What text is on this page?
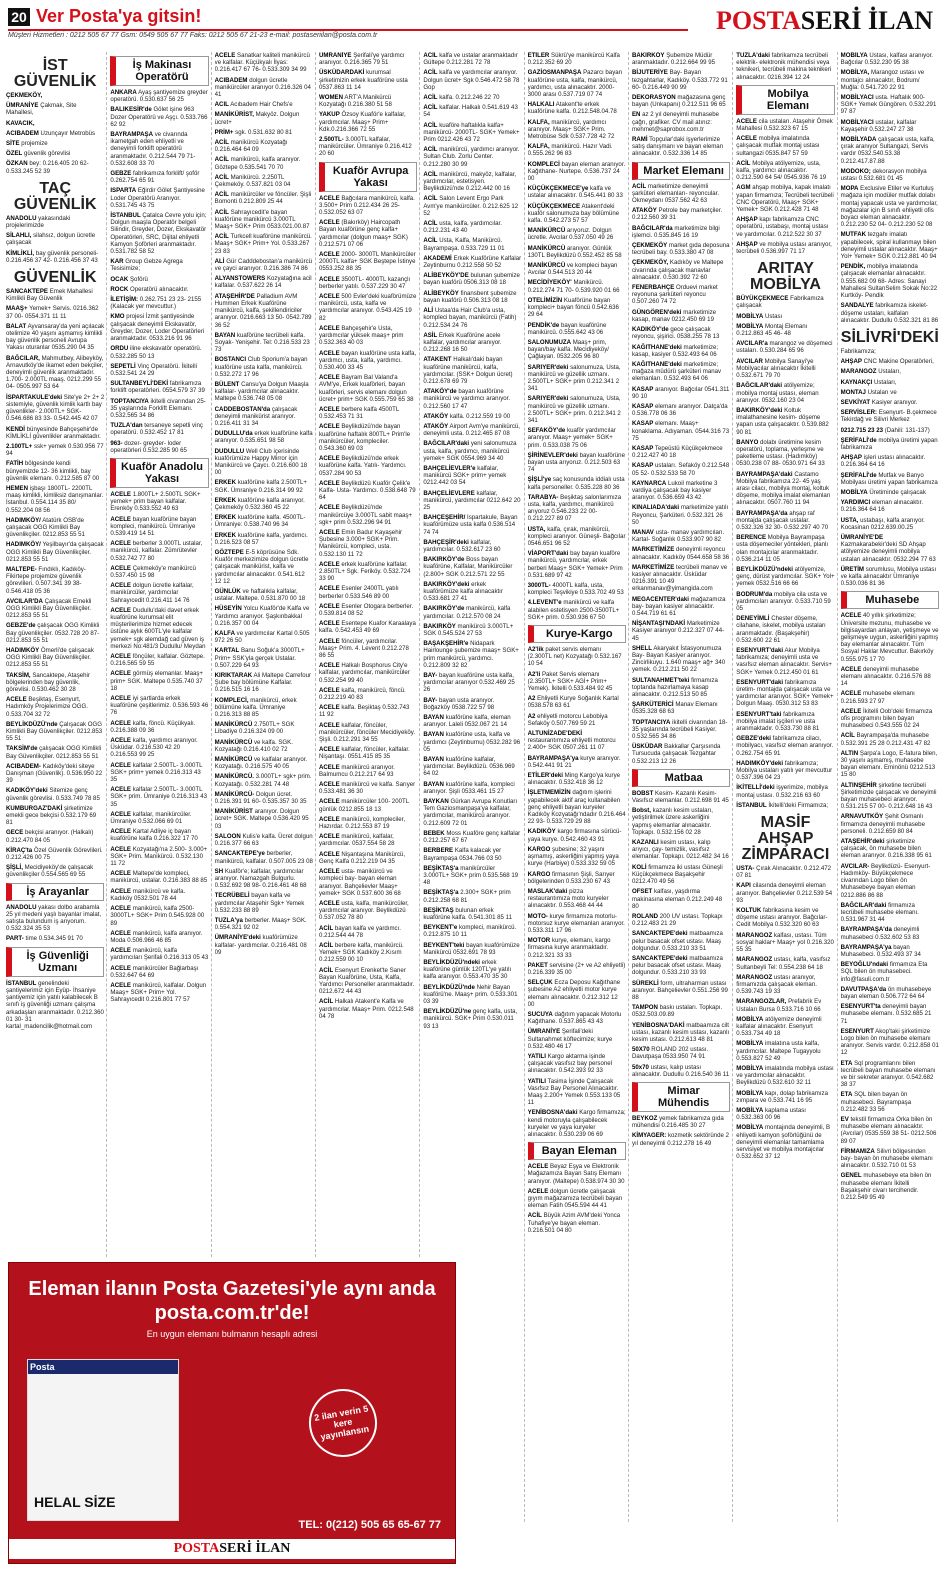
20 Ver Posta'ya gitsin!
Müşteri Hizmetleri : 0212 505 67 77 Gsm: 0549 505 67 77 Faks: 0212 505 67 21-23 e-mail: postaseriilan@posta.com.tr
POSTASERİ İLAN
İST GÜVENLİK
ÇEKMEKÖY,
ÜMRANİYE Çakmak, Site Mahallesi,
KAVACIK,
ACIBADEM Uzunçayır Metrobüs
SİTE projemize
ÖZEL güvenlik görevlisi
ÖZKAN bey: 0.216.405 20 62- 0.533.245 52 39
TAÇ GÜVENLİK
ANADOLU yakasındaki projelerimizde
SİLAHLI, silahsız, dolgun ücretle çalışacak
KİMLİKLİ, bay güvenlik personeli- 0.216.456 37 42- 0.216.456 37 43
GÜVENLİK
SANCAKTEPE Emek Mahallesi Kimlikli Bay Güvenlik
MAAŞ+ Yemek+ Servis. 0216.362 37 00- 0554.371 11 11
BALAT Ayvansaray'da yeni açılacak otelimize 40 yaşını aşmamış kimlikli bay güvenlik personeli Avrupa Yakası oturanlar 0535.290 04 35
BAĞCILAR, Mahmutbey, Alibeyköy, Arnavutköy'de ikamet eden bekçiler, deneyimli güvenlik aranmaktadır. 1.700- 2.000TL maaş. 0212.299 55 04- 0505.997 53 64
İSPARTAKULE'deki Site'ye 2+ 2+ 2 sistemiyle, güvenlik kimlik kartlı bay güvenlikler- 2.000TL+ SGK- 0.546.686 83 33- 0.542.445 42 07
KENDİ bünyesinde Bahçeşehir'de KİMLİKLİ güvenlikler aranmaktadır.
2.100TL+ ssk+ yemek 0.530.956 77 94
FATİH bölgesinde kendi bünyemizde 12- 36 kimlikli, bay güvenlik elemanı. 0.212.585 87 00
HEMEN işbaşı 1800TL- 2200TL maaş kimlikli, kimliksiz danışmanlar. İstanbul. 0.554.114 35 80/ 0.552.204 08 56
HADIMKÖY/ Atatürk OSB'de çalışacak OGG Kimlikli Bay güvenlikçiler. 0212.853 55 51
HADIMKÖY/ Yeşilbayır'da çalışacak OGG Kimlikli Bay Güvenlikçiler. 0212.853 55 51
MALTEPE- Fındıklı, Kadıköy- Fikirtepe projemize güvenlik görevlileri. 0.507.341 39 38- 0.546.418 05 36
AVCILAR'DA Çalışacak Emekli OGG Kimlikli Bay Güvenlikçiler. 0212.853 55 51
GEBZE'de çalışacak OGG Kimlikli Bay güvenlikçiler. 0532.728 20 87- 0212.853 55 51
HADIMKÖY Ömerli'de çalışacak OGG Kimlikli Bay Güvenlikçiler. 0212.853 55 51
TAKSİM, Sancaktepe, Ataşehir bölgelerinden bay güvenlik, görevlisi. 0.530.462 30 28
ACELE Beşiktaş, Esenyurt, Hadımköy Projelerimize OGG. 0.533.704 32 72
BEYLİKDÜZÜ'nde Çalışacak OGG Kimlikli Bay Güvenlikçiler. 0212.853 55 51
TAKSİM'de çalışacak OGG Kimlikli Bay Güvenlikçiler. 0212.853 55 51
ACIBADEM- Kadıköy'deki siteye Danışman (Güvenlik). 0.536.950 22 39
KADIKÖY'deki Sitemize genç güvenlik görevlisi. 0.533.749 78 85
KUMBURGAZ'DAKİ şirketimize emekli gece bekçisi 0.532.179 69 81
GECE bekçisi aranıyor. (Halkalı) 0.212.470 84 05
KİRAÇ'ta Özel Güvenlik Görevlileri. 0.212.426 00 75
ŞİŞLİ, Mecidiyeköy'de çalışacak güvenlikçiler 0.554.565 69 55
İş Arayanlar
ANADOLU yakası dolbo arabamla 25 yıl medeni yaşlı bayanlar imalat, satışta bulundum iş arıyorum. 0.532.324 35 53
PART- time 0.534.345 91 70
İş Güvenliği Uzmanı
İSTANBUL genelindeki şantiyelerimiz için Eyüp- İhsaniye şantiyemiz için yatılı kalabilecek B sınıfı iş güvenliği uzmanı çalışma arkadaşları aranmaktadır. 0.212.360 01 30- 31 kartal_madencilik@hotmail.com
İş Makinası Operatörü
ANKARA Ayaş şantiyemize greyder operatörü. 0.530.637 56 25
BALIKESİR'de Gölet işine 963 Dozer Operatörü ve Aşçı. 0.533.766 62 92
BAYRAMPAŞA ve civarında ikametgah eden ehliyetli ve deneyimli forklift operatörü aranmaktadır. 0.212.544 79 71- 0.532.608 33 70
GEBZE fabrikamıza forklift/ şoför 0.262.754 65 91
ISPARTA Eğirdir Gölet Şantiyesine Loder Operatörü Aranıyor. 0.531.745 43 75
İSTANBUL Çatalca Cevre yolu için; Dolgun maaşla Operatör belgeli Silindir, Greyder, Dozer, Ekskavatör Operatörleri, SRC, Dijital ehliyetli Kamyon Şoförleri aranmaktadır. 0.531.782 58 52
KAR Group Gebze Agrega Tesisimize;
OCAK Şoförü
ROCK Operatörü alınacaktır.
İLETİŞİM: 0.262.751 23 23- 2155 (Kalacak yer mevcuttur.)
KMO projesi İzmit şantiyesinde çalışacak deneyimli Ekskavatör, Greyder, Dozer, Loder Operatörleri aranmaktadır. 0533.216 91 96
ORDU iline ekskavatör operatörü. 0.532.285 50 13
SEPETLİ Vinç Operatörü. İkitelli 0.532.541 24 29
SULTANBEYLİ'DEKİ fabrikamıza forklift operatörleri. 0554.579 37 39
TOPTANCIYA ikitelli civarından 25- 35 yaşlarında Forklift Elemanı. 0.532.565 34 86
TUZLA'dan tersaneye sepetli vinç operatörü. 0.532.452 17 81
963- dozer- greyder- loder operatörleri 0.532.285 90 65
Kuaför Anadolu Yakası
ACELE 1.800TL+ 2.500TL SGK+ yemek+ prim bayan kalfalar. Erenköy 0.533.552 49 63
ACELE bayan kuaförüne bayan kompleci, manikürcü. Ümraniye 0.539.419 14 51
ACELE berberler 3.000TL ustalar, manikürcü, kalfalar. Zümrütevler 0.532.742 77 80
ACELE Çekmeköy'e manikürcü 0.537.450 15 98
ACELE dolgun ücretle kalfalar, manikürcüler, yardımcılar Sahrayıcedit 0.216.411 14 76
ACELE Dudullu'daki davet erkek kuaförüne kurumsal elit müşterilerimize hizmet edecek üstüne aylık 600TL'yle kalfalar yemek+ sgk alemdağ cad güven iş merkezi No:481/3 Dudullu/ Meydan
ACELE fönçüler, kalfalar. Göztepe. 0.216.565 59 55
ACELE görmüş elemanlar. Maaş+ prim+ SGK. Maltepe 0.535.740 37 18
ACELE iyi şartlarda erkek kuaförüne çeşitlerimiz. 0.536.593 46 76
ACELE kalfa, föncü. Küçükyalı. 0.216.388 09 36
ACELE kalfa, yardımcı aranıyor. Üsküdar. 0.216.530 42 20 0.216.553 99 25
ACELE kalfalar 2.500TL- 3.000TL SGK+ prim+ yemek 0.216.313 43 35
ACELE kalfalar 2.500TL- 3.000TL SGK+ prim. Ümraniye 0.216.313 43 35
ACELE kalfalar, manikürcüler. Ümraniye 0.532.066 69 01
ACELE Kartal Adliye iç bayan kuaförüne kalfa 0.216.322 17 70
ACELE Kozyatağı'na 2.500- 3.000+ SGK+ Prim. Manikürcü. 0.532.130 11 72
ACELE Maltepe'de kompleci, manikürcü, ustalar. 0.216.383 88 85
ACELE manikürcü ve kalfa. Kadıköy 0532.501 78 44
ACELE manikürcü, kalfa 2500- 3000TL+ SGK+ Prim 0.545.928 00 89
ACELE manikürcü, kalfa aranıyor. Moda 0.506.966 46 85
ACELE manikürcü, kalfa yardımcıları Şerifali 0.216.313 05 43
ACELE manikürcüler Bağlarbaşı 0.532.647 64 69
ACELE manikürcü, kalfalar. Dolgun Maaş+ SGK+ Prim+ Yol. Sahrayıcedit 0.216.801 77 57
ACELE Sanatkar kaliteli manikürcü ve kalfalar. Küçükyalı İlyas: 0.216.417 67 76- 0.533.309 34 99
ACIBADEM dolgun ücretle manikürcüler aranıyor 0.216.326 04 41
ACIL Acıbadem Hair Chefs'e
MANİKÜRİST, Makyöz. Dolgun ücret+
PRİM+ sgk. 0.531.632 80 81
ACİL manikürcü Kozyatağı 0.216.464 64 09
ACİL manikürcü, kalfa aranıyor. Göztepe 0.535.541 70 70
ACİL Manikürcü. 2.250TL Çekmeköy. 0.537.821 03 04
ACİL manikürcüler ve föncüler. Şişli Bomonti 0.212.809 25 44
ACİL Sahrayıcedit'e bayan kuaförüne manikürcü 3.000TL Maaş+ SGK+ Prim 0533.021.00.87
ACİL Turkcell kuaförüne manikürcü. Maaş+ SGK+ Prim+ Yol. 0.533.267 23 83
ALİ Gür Cadddebostan'a manikürcü ve çayci aranıyor. 0.216.386 74 86
ALYANSTOWERS Kozyatağına acil kalfalar. 0.537.622 26 14
ATAŞEHİR'DE Palladium AVM Hummen Erkek Kuaförüne manikürcü, kalfa, şekillendiriciler aranıyor. 0216.663 13 50- 0542.789 36 52
BAYAN kuaförüne tecrübeli kalfa. Soyak- Yenişehir. Tel: 0.216.533 23 73
BOSTANCI Club Sporium'a bayan kuaförüne usta kalfa, manikürcü. 0.532.272 17 96
BÜLENT Cansu'ya Dolgun Maaşla kalfalar- yardımcılar alınacaktır. Maltepe 0.536.748 05 08
CADDEBOSTAN'da çalışacak deneyimli manikürist aranıyor. 0.216.411 31 34
DUDULLU'da erkek kuaförüne kalfa aranıyor. 0.535.651 98 58
DUDULLU Well Club içerisinde kuaförümüze Happy Mirror için Manikürcü ve Çaycı. 0.216.600 18 00
ERKEK kuaförüne kalfa 2.500TL+ SGK. Ümraniye 0.216.314 99 92
ERKEK kuaförüne kalfa aranıyor. Çekmeköy 0.532.360 45 22
ERKEK kuaförüne kalfa. 4500TL- Ümraniye: 0.538.740 96 34
ERKEK kuaförüne kalfa, yardımcı. 0.216.523 08 57
GÖZTEPE E-5 köprüsüne Sdk. Kuaför merkezimize dolgun ücretle çalışacak manikürist, kalfa ve yardımcılar alınacaktır. 0.541.612 12 12
GÜNLÜK ve haftalıkla kalfalar, ustalar. Maltepe. 0.531.870 00 18
HÜSEYİN Yolcu Kuaför'de Kalfa ve Yardımcı aranıyor. Şaşkınbakkal 0.216.357 00 04
KALFA ve yardımcılar Kartal 0.505 972 26 50
KARTAL Banu Soğuk'a 3000TL+ Prim+ SSK'yla gerçek Ustalar. 0.507.229 64 93
KIRIKTARAK Ali Maltepe Carrefour Şube bay bölümüne Kalfalar. 0.216.515 16 16
KOMPLECİ, manikürcü, erkek bölümüne kalfa. Ümraniye 0.216.313 88 85
MANİKÜRCÜ 2.750TL+ SGK Libadiye 0.216.324 09 00
MANİKÜRCÜ ve kalfa. SGK. Kozyatağı 0.216.410 02 72
MANİKÜRCÜ ve kalfalar aranıyor. Kozyatağı. 0.216.575 40 05
MANİKÜRCÜ. 3.000TL+ sgk+ prim. Kozyatağı. 0.532.281 74 48
MANİKÜRCÜ- Dolgun ücret. 0.216.391 91 60- 0.535.357 30 35
MANİKÜRİST aranıyor. Dolgun ücret+ SGK. Maltepe 0.536.420 95 03
SALOON Kulis'e kalfa. Ücret dolgun 0.216.377 66 63
SANCAKTEPE'ye berberler, manikürcü, kalfalar. 0.507.005 23 08
SH Kuaför'e; kalfalar, yardımcılar aranıyor. Namazgah Bulgurlu. 0.532.692 98 98- 0.216.461 48 68
TECRÜBELİ bayan kalfa ve yardımcılar Ataşehir Sgk+ Yemek 0.532.233 88 89
TUZLA'ya berberler. Maaş+ SGK. 0.554.321 92 02
ÜMRANİYE'deki kuaförümüze kalfalar- yardımcılar. 0.216.481 08 09
ÜMRANİYE Şerifali'ye yardımcı aranıyor. 0.216.365 79 51
ÜSKÜDARDAKİ kurumsal şirketimizin erkek kuaförüne usta 0537.863 11 14
WOMEN ART'A Manikürcü Kozyatağı 0.216.380 51 58
YAKUP Özsoy Kuaför'e kalfalar, yardımcılar. Maaş+ Prim+ Kdk.0.216.366 72 55
2.500TL- 3.000TL kalfalar, manikürcüler. Ümraniye 0.216.412 20 60
Kuaför Avrupa Yakası
ACELE Bağcılara manikürcü, kalfa. 3.500+ Prim 0.212.434 26 25- 0.532.052 63 07
ACELE (Bakırköy) Haircopath Bayan kuaförüne genç kalfa+ yardımcılar (dolgun maaş+ SGK) 0.212.571 07 06
ACELE 2000- 3000TL Manikürcüler 2000TL kalfa+ SGK Beştepe İstinye 0553.252 88 35
ACELE 3500TL- 4000TL kazançlı berberler yatılı. 0.537.229 30 47
ACELE 500 Evler'deki kuaförümüze manikürcü, usta, kalfa ve yardımcılar aranıyor. 0.543.425 19 82
ACELE Bahçeşehir'e Usta, yardımcılar yüksek maaş+ prim 0.532.363 40 03
ACELE bayan kuaförüne usta kalfa, yardımcı, usta, kalfa, yardımcı. 0.530.400 33 45
ACELE Bayram Bal Valand'a AVM'ye, Erkek kuaförleri, bayan kuaförleri, servis elemanı dolgun ücret+ prim+ SGK 0.555.759 65 38
ACELE berbere kalfa 4500TL 0.532.453 71 31
ACELE Beylikdüzü'nde bayan kuaförüne haftalık 800TL+ Prim'le manikürcüler, kompleciler. 0.543.360 69 03
ACELE Beylikdüzü'nde erkek kuaförüne kalfa. Yatılı- Yardımcı. 0537.284 90 53
ACELE Beylikdüzü Kuaför Çelik'e Kalfa- Usta- Yardımcı. 0.538.648 79 64
ACELE Beylikdüzü'nde manikürcüye 3.000TL sabit maaş+ sgk+ prim 0.532.296 94 91
ACELE Emin Badur Kayaşehir Şubesine 3.000+ SGK+ Prim. Manikürcü, kompleci, usta. 0.532.130 11 72
ACELE erkek kuaförüne kalfalar. 2.850TL+ Sgk. Feriköy. 0.532.724 33 90
ACELE Esenler 2400TL yatılı berberler 0.533.546 89 00
ACELE Esenler Otogara berberler. 0.539.814 08 52
ACELE Esentepe Kuafor Karaalaya kalfa. 0.542.453 49 69
ACELE föncüler, yardımcılar. Maaş+ Prim. 4. Levent 0.212.278 86 55
ACELE Halkalı Bosphorus City'e kalfalar, yardımcılar, manikürcüler 0.532.254 99 40
ACELE kalfa, manikürcü, föncü. 0.212.219 40 83
ACELE kalfa. Beşiktaş 0.532.743 11 92
ACELE kalfalar, föncüler, manikürcüler, föncüler Mecidiyeköy. Şişli. 0.212.291 34 55
ACELE kalfalar, föncüler, kalfalar. Nişantaşı. 0551.415 85 35
ACELE manikürcü aranıyor. Balmumcu 0.212.217 64 93
ACELE manikürcü ve kalfa. Sarıyer 0.533.481 36 30
ACELE manikürcüler 100- 200TL günlük 0212.855 18 13
ACELE manikürcü, kompleciler, Hazırdar. 0.212.553 87 19
ACELE manikürcü, kalfalar, yardımcılar. 0537.554 58 28
ACELE Nişantaşına Manikürcü, Genç Kalfa 0.212.219 04 35
ACELE usta- manikürcü ve kompleci bay- bayan eleman aranıyor. Bahçelievler Maaş+ yemek+ SGK 0.537.600 36 68
ACELE usta, kalfa, manikürcüler, yardımcılar aranıyor. Beylikdüzü 0.537.052 78 80
ACİL bayan kalfa ve yardımcı. 0.212.544 44 78
ACİL berbere kalfa, manikürcü. Yemek+ SGK Kadıköy 2.Kısım 0.212.559 00 10
ACİL Esenyurt Erenket'te Saner Bayan Kuaförüne, Usta, Kalfa, Yardımcı Personeller aranmaktadır. 0212.672 44 43
ACİL Halkalı Atakent'e Kalfa ve yardımcılar. Maaş+ Prim. 0212.548 04 78
ACİL kalfa ve ustalar aranmaktadır Gültepe 0.212.281 72 78
ACİL kalfa ve yardımcılar aranıyor. Dolgun ücret+ Sgk 0.546.472 58 78 Gop
ACİL kalfa. 0.212.246 22 70
ACİL kalfalar. Halkalı 0.541.619 43 54
ACİL kuaföre haftalıkla kalfa+ manikürcü- 2000TL- SGK+ Yemek+ Prim 0212.426 43 72
ACİL manikürcü, yardımcı aranıyor. Sultan Club. Zorlu Center. 0.212.280 30 99
ACİL manikürcü, makyöz, kalfalar, yardımcılar, estetisyen. Beylikdüzü'nde 0.212.442 00 16
ACİL Salon Levent Ergo Park Avm'ye manikürcüler. 0.212.625 12 52
ACİL usta, kalfa, yardımcılar. 0.212.231 43 40
ACİL Usta, Kalfa, Manikürcü. Bayrampaşa. 0.533.729 11 01
AKADEMİ Erkek Kuaförüne Kalfalar Zeytinburnu 0.212.558 50 52
ALİBEYKÖY'DE bulunan şubemize bayan kuaförü 0506.313 08 18
ALİBEYKÖY finansbent şubemize bayan kuaförü 0.506.313 08 18
ALİ Ustaa'da Hair Club'a usta, kompleci bayan, manikürcü (Fatih) 0.212.534 24 76
ASİL Erkek Kuaförüne acele kalfalar, yardımcılar aranıyor. 0.212.268 16 50
ATAKENT Halkalı'daki bayan kuaförüne manikürcü, kalfa, yardımcılar. (SSK+ Dolgun ücret) 0.212.678 69 79
ATAKÖY'de bayan kuaförüne manikürcü ve yardımcı aranıyor. 0.212.560 17 47
ATAKÖY kalfa. 0.212.559 19 00
ATAKÖY Airport Avm'ye manikürcü, deneyimli usta. 0.212.465 87 08
BAĞCILAR'daki yeni salonumuza usta, kalfa, yardımcı, manikürcü yemek+ SGK 0554.969 34 40
BAHÇELİEVLER'e kalfalar, manikürcü SGK+ prim+ yemek 0212.442 03 54
BAHÇELİEVLERE kalfalar, manikürcü, yardımcılar 0212.642 20 25
BAHÇEŞEHİR/ Ispartakule, Bayan kuaförümüze usta kalfa 0.536.514 74 74
BAHÇEŞİR'deki kalfalar, yardımcılar. 0.532.617 23 60
BAKIRKÖY'de Boss bayan kuaförüne, Kalfalar, Manikürcüler (2.800+ SGK 0.212.571 22 55
BAKIRKÖY'deki erkek kuaförümüze kalfa alınacaktır 0.533.681 27 41
BAKIRKÖY'de manikürcü, kalfa yardımcılar. 0.212.570 08 24
BAKIRKÖY manikürcü 3.000TL+ SGK 0.545.524 27 53
BAŞAKŞEHİR'e Nidapark Hairlounge şubemize maaş+ SGK+ prim manikürcü, yardımcı. 0.212.809 32 82
BAY- bayan kuaförüne usta kalfa, yardımcılar aranıyor 0.532.469 25 26
BAY- bayan usta aranıyor. Boğazköy 0538.722 57 98
BAYAN kuaförüne kalfa, eleman aranıyor. Laleli 0532.067 21 14
BAYAN kuaförüne usta, kalfa ve yardımcı (Zeytinburnu) 0532.282 96 05
BAYAN kuaförüne kalfalar, yardımcılar. Beylikdüzü. 0536.969 64 02
BAYAN kuaförüne kalfa, kompleci aranıyor. Şişli 0533.461 15 27
BAYKAN Gürkan Avrupa Konutları Tem Gaziosmanpaşa'ya kalfalar, yardımcılar, manikürcü aranıyor. 0.212.609 72 01
BEBEK Moss Kuaföre genç kalfalar 0.212.257 67 67
BERBERE Kalfa kalacak yer Bayrampaşa 0534.766 03 50
BEŞİKTAŞ'a manikürcüler 3.000TL+ SGK+ prim 0.535.568 19 48
BEŞİKTAŞ'a 2.300+ SGK+ prim 0.212.258 68 81
BEŞİKTAŞ bulunan erkek kuaförüne kalfa. 0.541.301 85 11
BEYKENT'e kompleci, manikürcü. 0.212.875 10 11
BEYKENT'teki bayan kuaförümüze Manikürcü 0532.691 78 93
BEYLİKDÜZÜ'ndeki erkek kuaförüne günlük 120TL'ye yatılı kalfa aranıyor. 0.553.470 35 30
BEYLİKDÜZÜ'nde Nehir Bayan kuaförü'ne. Maaş+ prim. 0.533.301 03 39
BEYLİKDÜZÜ'ne genç kalfa, usta, manikürcü. SGK+ Prim 0.530.011 93 13
ETİLER Sükrü'ye manikürcü Kalfa 0.212.352 69 20
GAZİOSMANPAŞA Pazarcı bayan kuaförüne usta, kalfa, manikürcü, yardımcı, usta alınacaktır. 2000- 3000 arası 0.537.719 07 74
HALKALI Atakent'te erkek kuaförüne kalfa. 0.212.548.04.78
KALFA, manikürcü, yardımcı aranıyor. Maaş+ SGK+ Prim. Metrobüse Sdk 0.537.728 42 72
KALFA, manikürcü. Hazır Vadi. 0.555.262 96 83
KOMPLECİ bayan eleman aranıyor. Kağıthane- Nurtepe. 0.536.737 24 00
KÜÇÜKÇEKMECE'ye kalfa ve ustalar alınacaktır. 0.545.441 80 33
KÜÇÜKÇEKMECE Atakent'deki kuaför salonumuza bay bölümüne kalfa. 0.542.273 57 57
MANİKÜRCÜ arıyoruz. Dolgun ücretle. Avcılar 0.537.050 49 26
MANİKÜRCÜ aranıyor. Günlük 130TL Beylikdüzü 0.552.452 85 58
MANİKÜRCÜ ve kompleci bayan Avcılar 0.544.513 20 44
MECİDİYEKÖY' Manikürcü. 0.212.274 71 70- 0.539.920 01 66
OTELİMİZİN Kuaförüne bayan kompleci+ bayan föncü 0.542.636 29 64
PENDİK'de bayan kuaförüne manikürcü. 0.555.642 43 06
SALONUMUZA Maaş+ prim, bayan/bay kalfa. Mecidiyeköy/ Çağlayan. 0532.205 96 80
SARIYER'deki salonumuza, Usta, manikürcü ve güzellik uzmanı. 2.500TL+ SGK+ prim 0.212.341 2 341
SARIYER'deki salonumuza, Usta, manikürcü ve güzellik uzmanı. 2.500TL+ SGK+ prim. 0.212.341 2 341
SEFAKÖY'de kuaför yardımcılar aranıyor. Maaş+ yemek+ SGK+ prim. 0.533.038 75 06
ŞİRİNEVLER'deki bayan kuaförüne bayan usta arıyoruz. 0.212.503 63 74
ŞİŞLİ'ye saç konusunda iddialı usta kalfa personeller. 0.535.228 80 36
TARABYA- Beşiktaş salonlarımıza usta, kalfa, yardımcı, manikürcü arıyoruz 0.546.233 22 00- 0.212.227 89 07
USTA, kalfa, çırak, manikürcü, kompleci aranıyor. Güneşli- Bağcılar 0546.651 96 52
VİAPORT'daki bay bayan kuaföre manikürcü, yardımcılar, erkek berberi Maaş+ SGK+ Yemek+ Prim 0.531.689 97 42
3000TL- 4000TL kalfa, usta, kompleci Teşvikiye 0.533.702 49 53
4.LEVENT'e manikürcü ve kalfa alabilen estetisyen 2500-3500TL+ SGK+ prim. 0.530.936 67 50
Kurye-Kargo
A2'lik paket servis elemanı (2.300TL net) Kozyatağı 0.532.167 10 54
A2'li Paket Servis elemanı (2.350TL+ SGK+ AGİ+ Prim+ Yemek). İkitelli 0.533.484 92 45
A2 Ehliyetli Kurye Soğanlık Kartal 0538.578 63 61
A2 ehliyetli motorcu Lebobiya Sefaköy 0.507.769 59 21
ALTUNİZADE'DEKİ restaurantımıza ehliyetli motorcu 2.400+ SGK 0507.261 11 07
BAYRAMPAŞA'ya kurye aranıyor. 0.542.441 91 21
ETİLER'deki Ming Kargo'ya kurye alınacaktır. 0.532.418 36 12
İŞLETMEMİZİN dağıtım işlerini yapabilecek aktif araç kullanabilen genç ehliyetli bayan kuryeler Kadıköy Kozyatağı'ndadır 0.216.464 22 93- 0.533.729 29 88
KADIKÖY kargo firmasına sürücü- yaya kurye. 0.542.460 43 91
KARGO şubesine; 32 yaşını aşmamış, askerliğini yapmış yaya kurye (Harbiye) 0.533.332 59 05
KARGO firmasının Şişli, Sarıyer bölgelerinden 0.533.230 67 43
MASLAK'daki pizza restaurantımıza moto kuryeler alınacaktır. 0.553.468 44 44
MOTO- kurye firmamıza motorlu- motorsuz kurye elemanları aranıyor. 0.533.311 17 96
MOTOR kurye, elemanı, kargo firmasına kurye aranmaktadır. 0.212.321 33 33
PAKET servisine (2+ ve A2 ehliyetli) 0.216.339 35 00
SELÇUK Ecza Deposu Kağıthane şubesine A2 ehliyetli motor kurye elemanı alınacaktır. 0.212.312 12 00
SUCUYA dağıtım yapacak Motorlu Kağıthane. 0.537.865 43 43
ÜMRANİYE Şerifali'deki Sultanahmet köftecimize; kurye 0.532.480 46 17
YATILI Kargo aktarma işinde çalışacak vasıfsız bay personel alınacaktır. 0.542.393 92 33
YATILI Tasima İşinde Çalışacak Vasıfsız Bay Personel Alınacaktır. Maaş 2.200+ Yemek 0.553.133 05 11
YENİBOSNA'daki Kargo firmamıza; kendi motoruyla çalışabilecek kuryeler ve yaya kuryeler alınacaktır. 0.530.239 06 69
Bayan Eleman
ACELE Beyaz Eşya ve Elektronik Mağazamıza Bayan Satış Elemanı aranıyor. (Maltepe) 0.538.974 30 30
ACELE dolgun ücretle çalışacak gıyım mağazamıza tecrübeli bayan eleman Fatih 0545.594 44 41
ACİL Büyük Azim AVM'deki Yonca Tuhafiye'ye bayan eleman. 0.216.501 04 80
BAKIRKÖY Şubemize Müdür aranmaktadır. 0.212.664 99 95
BİJUTERİYE Bay- Bayan tezgahtarlar, Kadıköy. 0.533.772 91 60- 0.216.449 90 99
DEKORASYON mağazasına genç bayan (Unkapanı) 0.212.511 96 65
EN az 2 yıl deneyimli muhasebe çağrı, grafiker. CV mail atınız: mehmet@saprobox.com.tr
RAMİ Topçular'daki işyerlerimize satış danışmanı ve bayan eleman alınacaktır. 0.532.336 14 85
Market Elemanı
ACİL marketimize deneyimli şarküteri elemanları- reyoncular. Okmeydanı 0537.562 42 63
ATAKÖY Petrole bay marketçiler. 0.212.560 39 31
BAĞCILAR'da marketimize bilgi işlemci. 0.535.845 16 19
ÇEKMEKÖY market gıda deposuna tecrübeli bay. 0.533.380 47 08
ÇEKMEKÖY, Kadıköy ve Maltepe civarında çalışacak manavlar alınacaktır. 0.530.392 72 60
FENERBAHÇE Orduevi market reyonuna şarküteri reyoncu 0.507.260 74 72
GÜNGÖREN'deki marketimize kasap, manav 0212.450 69 19
KADIKÖY'de gece çalışacak reyoncu, şişirici. 0538.255 78 13
KAĞITHANE'deki marketimize; kasap, kasiyer 0.532.493 64 06
KAĞITHANE'deki marketimize; mağaza müdürü şarküteri manav elemanları. 0.532.493 64 06
KASAP aranıyor. Bağcılar 0541.311 90 10
KASAP elemanı aranıyor. Datça'da 0.536.778 06 36
KASAP elemanı. Maaş+ konaklama. Adıyaman. 0544.316 73 75
KASAP Tepeüstü Küçükçekmece 0.212.427 40 18
KASAP ustaları. Sefaköy 0.212.548 05 52- 0.532.533 58 70
KAYNARCA Lukoil marketine 3 vardiya çalışacak bay kasiyer aranıyor. 0.536.659 43 42
KINALIADA'daki marketimize yatılı Reyoncu, Şarküteri. 0.532.321 26 50
MANAV usta- manav yardımcıları. Kartal- Soğanlık 0.533.907 90 82
MARKETİMİZE deneyimli reyoncu alınacaktır. Kadıköy 0544.658 58 36
MARKETİMİZE tecrübeli manav ve kasiyer alınacaktır. Üsküdar 0216.391 10 49 erkanmanav@yimangida.com
MEGACENTER'daki mağazamıza bay- bayan kasiyer alınacaktır. 0.544.719 61 61
NİŞANTAŞI'NDAKİ Marketimize Kasiyer aranıyor 0.212.327 07 44- 45
SHELL Akaryakıt İstasyonumuza Bay- Bayan Kasiyer aranıyor. Zincirlikuyu. 1.640 maaş+ ağ+ 340 yemek. 0.212.211 50 22
SULTANAHMET'teki firmamıza toptanda hazırlamaya kasap alınacaktır. 0.212.513 50 85
ŞARKÜTERİCİ Manav Elemanı 0535.328 68 63
TOPTANCIYA ikitelli civarından 18- 35 yaşlarında tecrübeli Kasiyer. 0.532.565 34 86
ÜSKÜDAR Bakkallar Çarşısında Tursucuda çalışacak Tezgahtar 0.532.213 12 26
Matbaa
BOBST Kesim- Kazanlı Kesim- Vasıfsız elemanlar. 0.212.698 91 45
Bobst, kazanlı kesim ustaları, yetiştirilmek üzere askerliğini yapmış elemanlar alınacaktır. Topkapı. 0.532.156 02 28
KAZANLI kesim ustası, kalıp arıyıcı, çay- temizlik, vasıfsız elemanlar. Topkapı. 0212.482 34 16
KOLİ firmamıza iki ustası Güneşli Küçükçekmece Başakşehir 0212.470 49 56
OFSET kalfası, yaşdırma makinasına eleman 0.212.249 48 80
ROLAND 200 UV ustası. Topkapı 0.212.483 21 29
SANCAKTEPE'deki matbaamıza pelur basacak ofset ustası. Maaş dolgundur. 0.533.210 33 51
SANCAKTEPE'deki matbaamıza pelur basacak ofset ustası. Maaş dolgundur. 0.533.210 33 93
SÜREKLİ form, ultraharman ustası aranıyor. Bahçelievler 0.551.256 99 88
TAMPON baskı ustaları. Topkapı. 0532.503.09.89
YENİBOSNA'DAKİ matbaamıza cilt ustası, kazanlı kesim ustası, kazanlı kesim ustası. 0.212.613 48 81
50X70 ROLAND 202 ustası. Davutpaşa 0533.950 74 91
50x70 ustası, kalıp ustası alınacaktır. Dudullu 0.216.540 36 11
Mimar Mühendis
BEYKOZ yemek fabrikamıza gıda mühendisi 0.216.485 30 27
KİMYAGER: kozmetik sektöründe 2 yıl deneyimli 0.212.278 16 49
TUZLA'daki fabrikamıza tecrübeli elektrik- elektronik mühendisi veya teknikeri, tecrübeli makina teknikeri alınacaktır. 0216.394 12 24
Mobilya Elemanı
ACELE cila ustaları. Ataşehir Ömek Mahallesi 0.532.323 67 15
ACELE mobilya imalatında çalışacak mutfak montaj ustası sultangazi 0535.847 57 59
ACİL Mobilya atölyemize, usta, kalfa, yardımcı alınacaktır. 0.212.590 64 54/ 0545.936 76 19
AGM ahşap mobilya, kapak imalatı yapan firmamıza; Tecrübeli tecrübeli CNC Operatörü, Maaş+ SGK+ Yemek+ SGK 0.212.428 71 48
AHŞAP kapı fabrikamıza CNC operatörü, ustabaşı, montaj ustası ve yardımcılar. 0.212.522 30 37
AHŞAP ve mobilya ustası aranıyor, tecrübeli 0.536.997 71 17
ARITAY MOBİLYA
BÜYÜKÇEKMECE Fabrikamıza çalışacak
MOBİLYA Ustası
MOBİLYA Montaj Elemanı 0.212.863 45 46- 48
AVCILAR'a marangoz ve döşemeci ustaları. 0.530.284 65 96
AVCILAR Mobilya Sanayi'ye Mobilyacılar alınacaktır İkitelli 0.532.671 79 70
BAĞCILAR'daki atölyemize; mobilya montaj ustası, eleman aranıyor. 0532.160 23 04
BAKIRKÖY'deki Koltuk imalathanesine kesim- döşeme yapan usta çalışacaktır. 0.539.882 90 81
BANYO dolabı üretimine kesim operatörü, toplama, yerleşme ve paketleme ustası. (Hadımköy) 0530.238 07 88- 0530.971 64 33
BAYRAMPAŞA'daki Castamo Mobilya fabrikamıza 22- 45 yaş arası cilacı, mobilya montaj, koltuk döşeme, mobilya imalat elemanları alınacaktır. 0507.760 11 94
BAYRAMPAŞA'da ahşap raf montajda çalışacak ustalar. 0.532.326 32 30- 0.532.297 40 70
BERENCE Mobilya Bayrampaşa usta döşemeciler yöntekleri, planlı olan montajcılar aranmaktadır. 0.536.214 11 05
BEYLİKDÜZÜ'ndeki atölyemize, genç, dürüst yardımcılar. SGK+ Yol+ yemek 0532.516 66 66
BODRUM'da mobilya cila usta ve yardımcıları aranıyor. 0.533.710 59 05
DENEYİMLİ Chester döşeme, cilahane, iskelet, mobilya ustaları aranmaktadır. (Başakşehir) 0.532.600 22 61
ESENYURT'daki Akur Mobilya fabrikamıza; deneyimli usta ve vasıfsız eleman alınacaktır. Servis+ SGK+ Yemek 0.212.450 01 61
ESENYURT'daki fabrikamıza üretim- montajda çalışacak usta ve yardımcılar aranıyor. SGK+ Yemek+ Dolgun Maaş. 0530.312 53 83
ESENYURT'taki fabrikamıza mobilya imalat işçileri ve usta aranmaktadır. 0.533.730 88 81
GEBZE'deki fabrikamıza cilacı, mobilyacı, vasıfsız eleman aranıyor. 0.262.754 65 91
HADIMKÖY'deki fabrikamıza; Mobilya ustaları yatılı yer mevcuttur 0.537.396 04 23
İKİTELLİ'deki işyerimize, mobilya montaj ustası. 0.532.216 63 60
İSTANBUL İkitelli'deki Firmamıza;
MASİF AHŞAP ZİMPARACI
USTA- Çırak Alınacaktır. 0.212.472 07 81
KAPI cilasında deneyimli eleman aranıyor. Bahçelievler 0.212.539 54 93
KOLTUK fabrikasına kesim ve döşeme ustası aranıyor. Bağcılar- Cedit Mobilya 0.532.320 60 63
MARANGOZ kalfası, ustası. Tüm sosyal haklar+ Maaş+ yol 0.216.320 55 35
MARANGOZ ustası, kalfa, vasıfsız Sultanbeyli Tel: 0.554.238 64 18
MARANGOZ ustası aranıyor, firmamızda çalışacak eleman. 0.539.743 19 33
MARANGOZLAR, Prefabrik Ev Ustaları Bursa 0.533.716 10 66
MOBİLYA atölyemize deneyimli kalfalar alınacaktır. Esenyurt 0.533.734 49 18
MOBİLYA imalatına usta kalfa, yardımcılar. Maltepe Tugayyolu 0.553.827 52 49
MOBİLYA imalatında mobilya ustası ve yardımcılar alınacaktır. Beylikdüzü 0.532.610 32 11
MOBİLYA kapı, dolap fabrikamıza zımpara ve 0.533.741 16 95
MOBİLYA kaplama ustası 0.532.363 00 96
MOBİLYA montajında deneyimli, B ehliyetli kamyon şoförlüğünü de deneyimli elemanlar tamamlama servisiyet ve mobilya montajcılar 0.532.652 37 12
MOBİLYA Ustası, kalfası aranıyor. Bağcılar 0.532.230 95 38
MOBİLYA, Marangoz ustası ve montajcı alınacaktır, Bodrum/ Muğla: 0.541.720 22 91
MOBİLYACI usta. Haftalık 900- SGK+ Yemek Güngören. 0.532.291 97 87
MOBİLYACI ustalar, kalfalar Kayaşehir 0.532.247 27 38
MOBİLYADA çalışacak usta, kalfa, çırak aranıyor Sultangazi, Servis vardır 0532.540.53.38 0.212.417.87.88
MODOKO; dekorasyon mobilya ustası 0.532.681 01 45
MOPA Exclusive Etiler ve Kurtuluş mağaza için modüler mutfak dolabı montaj yapacak usta ve yardımcılar, mağazalar için B sınıfı ehliyetli ofis boyacı eleman alınacaktır. 0.212.230 52 04- 0.212.230 52 08
MUTFAK tezgahı imalatı yapabilecek, spiral kullanmayı bilen deneyimli ustalar alınacaktır. Maaş+ Yol+ Yemek+ SGK 0.212.881 40 94
PENDİK, mobilya imalatında çalışacak elemanlar alınacaktır. 0.555.682 09 68- Adres: Sanayi Mahallesi SultanSelim Sokak No:22 Kurtköy- Pendik
SANDALYE fabrikamıza iskelet- döşeme ustaları, kalfaları alınacaktır. Dudullu 0.532.321 81 86
SİLİVRİ'DEKİ
Fabrikamıza;
AHŞAP CNC Makine Operatörleri,
MARANGOZ Ustaları,
KAYNAKÇI Ustaları,
MONTAJ Ustaları ve
SEVKİYAT Kasiyer aranıyor.
SERVİSLER: Esenyurt- B.çekmece Tekirdağ ve Silivri Merkez
0212.715 23 23 (Dahili: 131-137)
ŞERİFALİ'de mobilya üretimi yapan fabrikamıza
AHŞAP işleri ustası alınacaktır. 0.216.364 64 16
ŞERİFALİ'de Mutfak ve Banyo Mobilyası üretimi yapan fabrikamıza
MOBİLYA Üretiminde çalışacak
YARDIMCI eleman alınacaktır. 0.216.364 64 16
USTA, ustabaşı, kalfa aranıyor. Kocasinan 0212.639.00.25
ÜMRANİYE'DE Kazmakarabekir'deki SD Ahşap atölyemize deneyimli mobilya ustaları alınacaktır. 0532.294 77 63
ÜRETİM sorumlusu, Mobilya ustası ve kalfa alınacaktır Ümraniye 0.530.036 81 36
Muhasebe
ACELE 40 yıllık şirketimize; Üniversite mezunu, muhasebe ve bilgisayardan anlayan, yetişmeye ve gelişmeye uygun, askerliğini yapmış bay elemanlar alınacaktır. Tüm Sosyal Haklar Mevcuttur. Bakırköy 0.555.975 17 70
ACELE deneyimli muhasebe elemanı alınacaktır. 0.216.576 88 14
ACELE muhasebe elemanı 0.216.593 27 97
ACELE İkitelli Oob'deki firmamıza ofis programını bilen bayan muhasebeci 0.543.555 02 24
ACİL Bayrampaşa'da muhasebe 0.532.391 25 28 0.212.431 47 82
ALTIN Şarpa'a Logo, E-fatura bilen, 30 yaşını aşmamış, muhasebe bayan elemanı. Eminönü 0212.513 15 80
ALTINŞEHİR şirketine tecrübeli Şirketimizde çalışacak ve deneyimli bayan muhasebeci aranıyor. 0.531.215 57 00- 0.212.648 16 43
ARNAVUTKÖY Şehit Osmanlı firmamıza deneyimli muhasebe personeli. 0.212.659 80 84
ATAŞEHİR'deki şirketimize çalışacak, ön muhasebe bilen eleman aranıyor. 0.216.338 95 61
AVCILAR- Beylikdüzü- Esenyurt- Hadımköy- Büyükçekmece civarından Logo bilen ön Muhasebeye bayan eleman 0212.886 86 88
BAĞCILAR'daki firmamıza tecrübeli muhasebe elemanı. 0.531.967 31 44
BAYRAMPAŞA'da deneyimli muhasebeci 0.532.602 53 83
BAYRAMPAŞA'ya bayan Muhasebeci. 0.532.493 37 34
BEYOĞLU'ndaki firmamıza Eta SQL bilen ön muhasebeci. info@fasuli.com.tr
DAVUTPAŞA'da ön muhasebeye bayan eleman 0.506.772 64 64
ESENYURT'ta deneyimli bayan muhasebe elemanı. 0.532.685 21 71
ESENYURT Akop'taki şirketimize Logo bilen ön muhasebe elemanı aranıyor. Servis vardır. 0.212.858 01 12
ETA Sql programlarını bilen tecrübeli bayan muhasebe elemanı ve bir sekreter aranıyor. 0.542.682 38 37
ETA SQL bilen bayan ön muhasebeci. Bayrampaşa 0.212.482 33 56
EV tekstil firmamıza Orka bilen ön muhasebe elemanı alınacaktır. (Avcılar) 0535.559 38 51- 0212.506 89 07
FİRMAMIZA Silivri bölgesinden bay- bayan ön muhasebe elemanı alınacaktır. 0.532.710 01 53
GENEL muhasebeye eta bilen ön muhasebe elemanı İkitelli Başakşehir civarı tercihendir. 0.212.549 95 49
Eleman ilanın Posta Gazetesi'yle aynı anda posta.com.tr'de!
En uygun elemanı bulmanın hesaplı adresi
Posta
HELAL SİZE
2 ilan verin 5 kere yayınlansın
TEL: 0(212) 505 65 65-67 77
POSTASERİ İLAN
